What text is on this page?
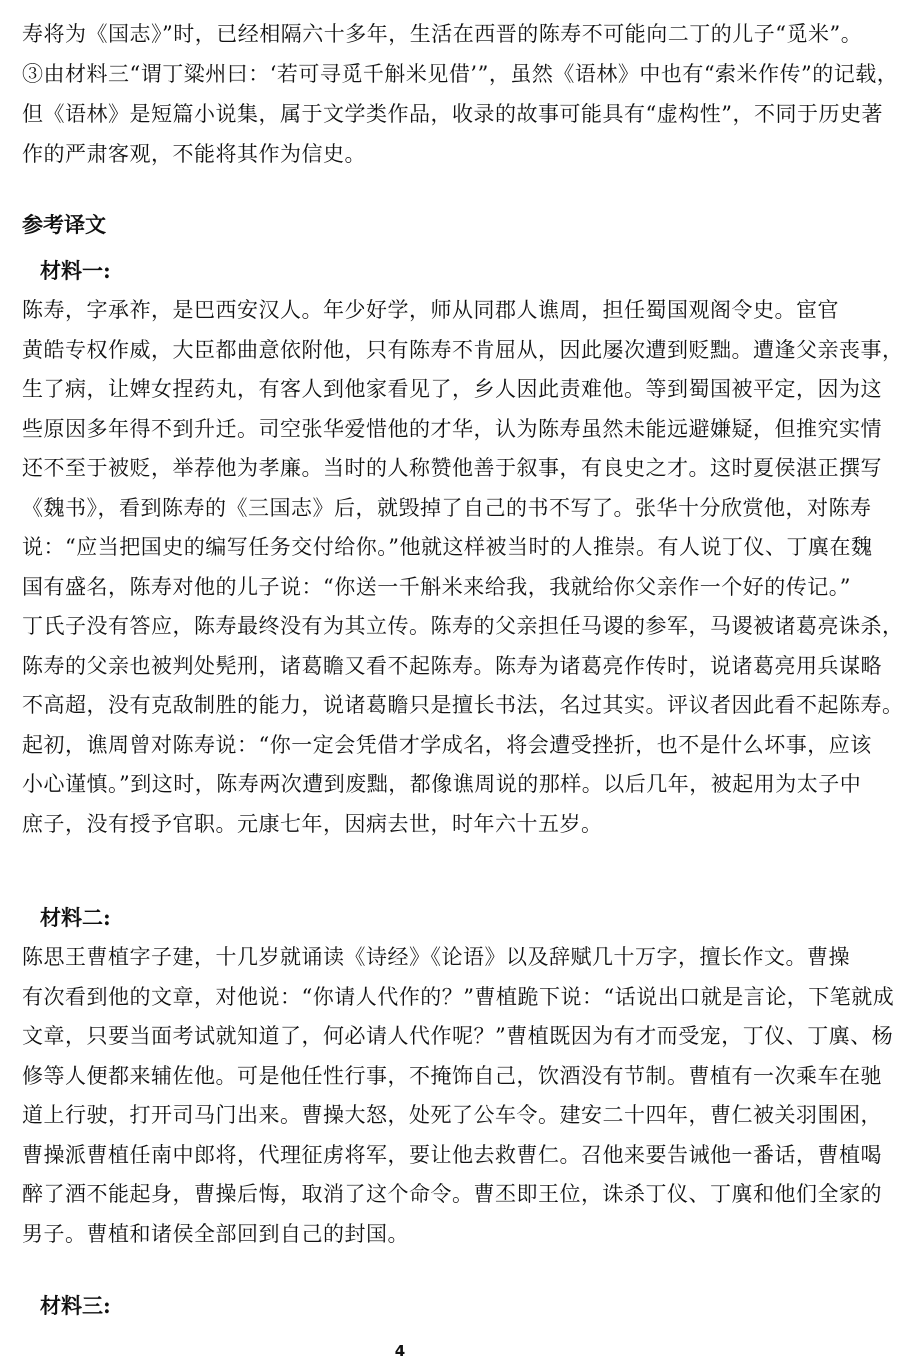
寿将为《国志》”时，已经相隔六十多年，生活在西晋的陈寿不可能向二丁的儿子“觅米”。
③由材料三“谓丁粱州曰：‘若可寻觅千斛米见借’”，虽然《语林》中也有“索米作传”的记载，
但《语林》是短篇小说集，属于文学类作品，收录的故事可能具有“虚构性”，不同于历史著
作的严肃客观，不能将其作为信史。
参考译文
材料一:
陈寿，字承祚，是巴西安汉人。年少好学，师从同郡人谯周，担任蜀国观阁令史。宦官
黄皓专权作威，大臣都曲意依附他，只有陈寿不肯屈从，因此屡次遭到贬黜。遭逢父亲丧事，
生了病，让婢女捏药丸，有客人到他家看见了，乡人因此责难他。等到蜀国被平定，因为这
些原因多年得不到升迁。司空张华爱惜他的才华，认为陈寿虽然未能远避嫌疑，但推究实情
还不至于被贬，举荐他为孝廉。当时的人称赞他善于叙事，有良史之才。这时夏侯湛正撰写
《魏书》，看到陈寿的《三国志》后，就毁掉了自己的书不写了。张华十分欣赏他，对陈寿
说：“应当把国史的编写任务交付给你。”他就这样被当时的人推崇。有人说丁仪、丁廙在魏
国有盛名，陈寿对他的儿子说：“你送一千斛米来给我，我就给你父亲作一个好的传记。”
丁氏子没有答应，陈寿最终没有为其立传。陈寿的父亲担任马谡的参军，马谡被诸葛亮诛杀，
陈寿的父亲也被判处髡刑，诸葛瞻又看不起陈寿。陈寿为诸葛亮作传时，说诸葛亮用兵谋略
不高超，没有克敌制胜的能力，说诸葛瞻只是擅长书法，名过其实。评议者因此看不起陈寿。
起初，谯周曾对陈寿说：“你一定会凭借才学成名，将会遭受挫折，也不是什么坏事，应该
小心谨慎。”到这时，陈寿两次遭到废黜，都像谯周说的那样。以后几年，被起用为太子中
庶子，没有授予官职。元康七年，因病去世，时年六十五岁。
材料二:
陈思王曹植字子建，十几岁就诵读《诗经》《论语》以及辞赋几十万字，擅长作文。曹操
有次看到他的文章，对他说：“你请人代作的？”曹植跪下说：“话说出口就是言论，下笔就成
文章，只要当面考试就知道了，何必请人代作呢？”曹植既因为有才而受宠，丁仪、丁廙、杨
修等人便都来辅佐他。可是他任性行事，不掩饰自己，饮酒没有节制。曹植有一次乘车在驰
道上行驶，打开司马门出来。曹操大怒，处死了公车令。建安二十四年，曹仁被关羽围困，
曹操派曹植任南中郎将，代理征虏将军，要让他去救曹仁。召他来要告诫他一番话，曹植喝
醉了酒不能起身，曹操后悔，取消了这个命令。曹丕即王位，诛杀丁仪、丁廙和他们全家的
男子。曹植和诸侯全部回到自己的封国。
材料三:
4
